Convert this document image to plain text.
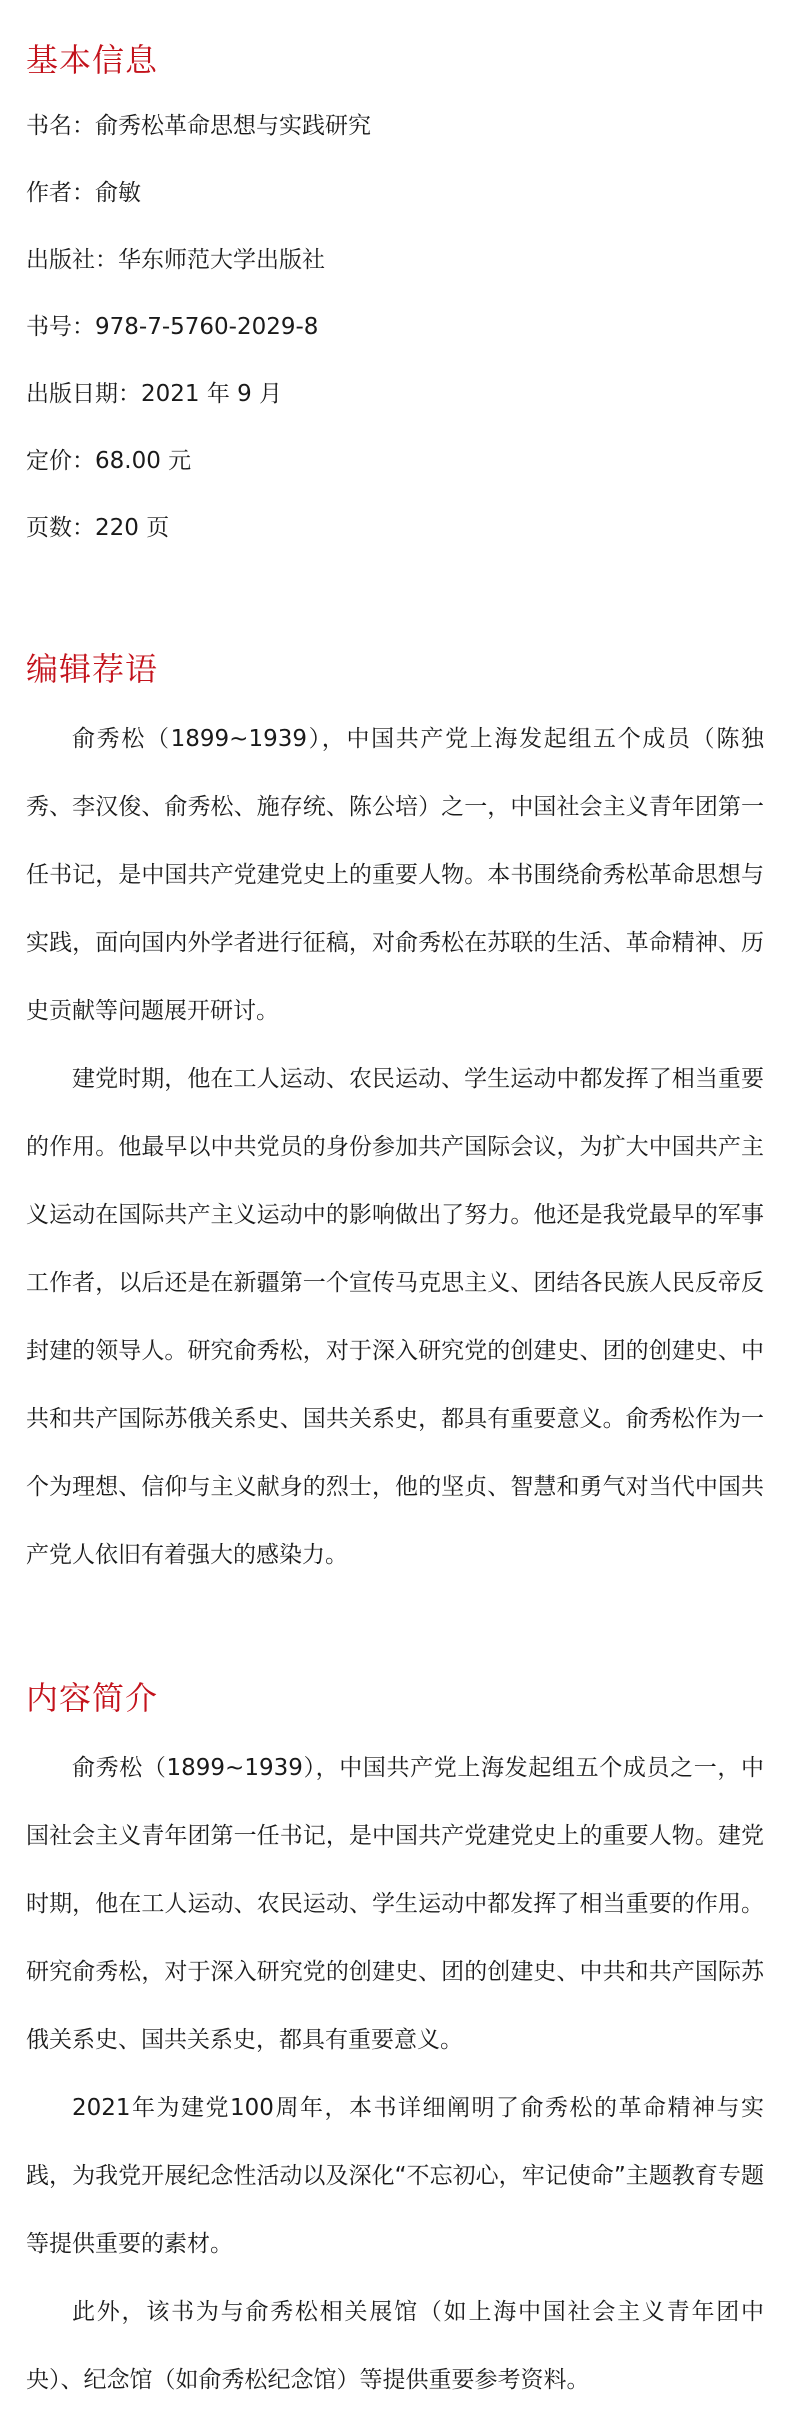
基本信息

书名：俞秀松革命思想与实践研究

作者：俞敏

出版社：华东师范大学出版社

书号：978-7-5760-2029-8

出版日期：2021 年 9 月

定价：68.00 元

页数：220 页

编辑荐语

俞秀松（1899~1939），中国共产党上海发起组五个成员（陈独秀、李汉俊、俞秀松、施存统、陈公培）之一，中国社会主义青年团第一任书记，是中国共产党建党史上的重要人物。本书围绕俞秀松革命思想与实践，面向国内外学者进行征稿，对俞秀松在苏联的生活、革命精神、历史贡献等问题展开研讨。

建党时期，他在工人运动、农民运动、学生运动中都发挥了相当重要的作用。他最早以中共党员的身份参加共产国际会议，为扩大中国共产主义运动在国际共产主义运动中的影响做出了努力。他还是我党最早的军事工作者，以后还是在新疆第一个宣传马克思主义、团结各民族人民反帝反封建的领导人。研究俞秀松，对于深入研究党的创建史、团的创建史、中共和共产国际苏俄关系史、国共关系史，都具有重要意义。俞秀松作为一个为理想、信仰与主义献身的烈士，他的坚贞、智慧和勇气对当代中国共产党人依旧有着强大的感染力。

内容简介

俞秀松（1899~1939），中国共产党上海发起组五个成员之一，中国社会主义青年团第一任书记，是中国共产党建党史上的重要人物。建党时期，他在工人运动、农民运动、学生运动中都发挥了相当重要的作用。研究俞秀松，对于深入研究党的创建史、团的创建史、中共和共产国际苏俄关系史、国共关系史，都具有重要意义。

2021年为建党100周年，本书详细阐明了俞秀松的革命精神与实践，为我党开展纪念性活动以及深化“不忘初心，牢记使命”主题教育专题等提供重要的素材。

此外，该书为与俞秀松相关展馆（如上海中国社会主义青年团中央）、纪念馆（如俞秀松纪念馆）等提供重要参考资料。
